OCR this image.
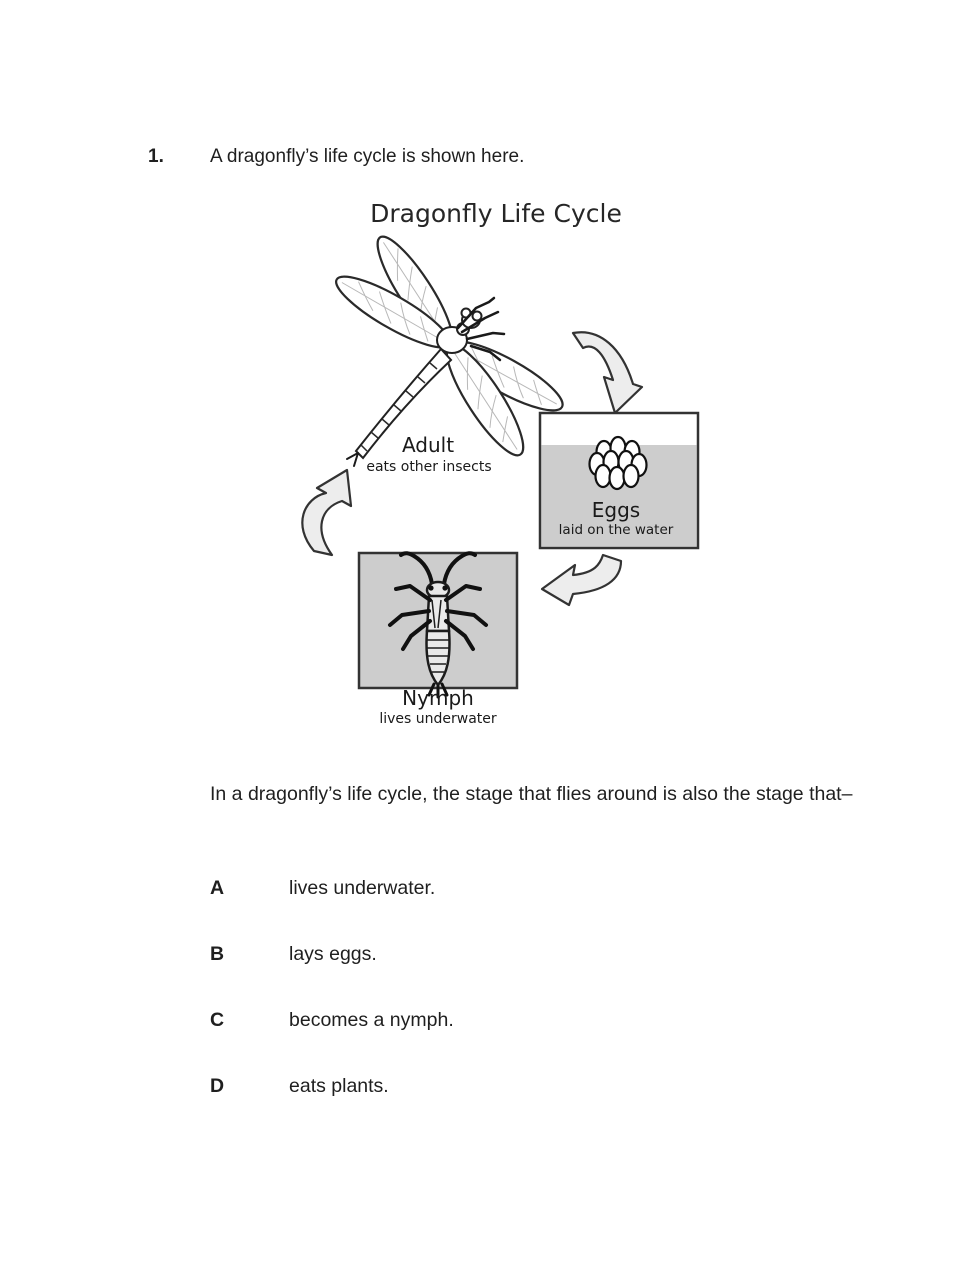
1. A dragonfly’s life cycle is shown here.
Dragonfly Life Cycle
Adult
eats other insects
Eggs
laid on the water
Nymph
lives underwater
In a dragonfly’s life cycle, the stage that flies around is also the stage that–
A	lives underwater.
B	lays eggs.
C	becomes a nymph.
D	eats plants.
